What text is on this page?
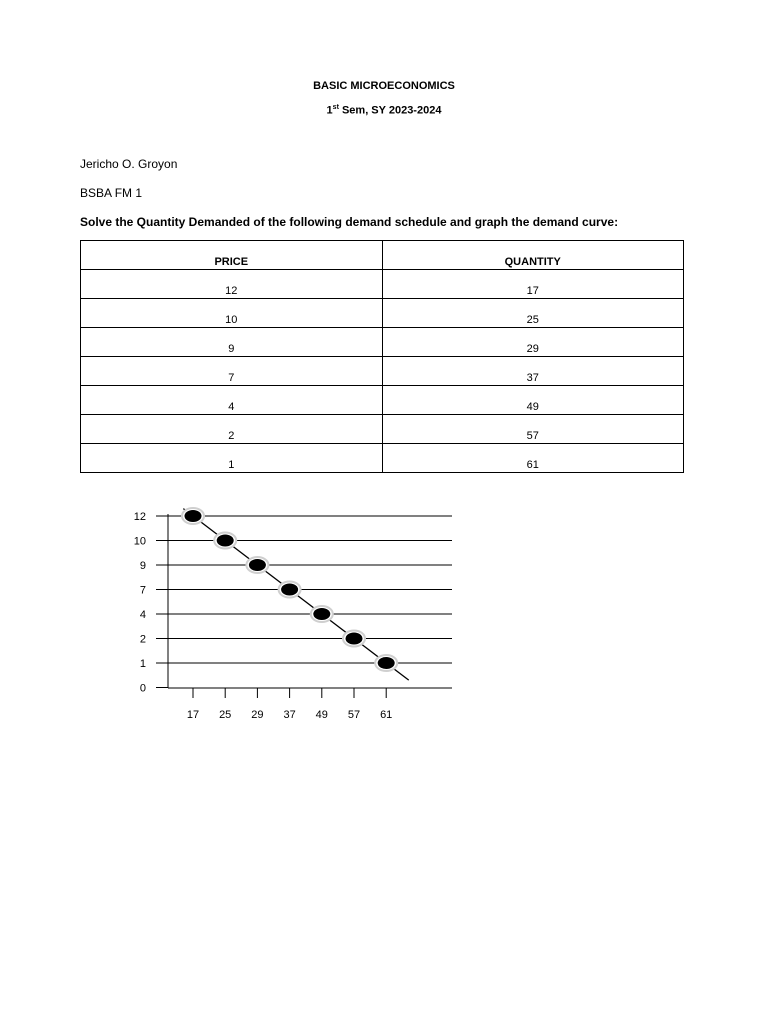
BASIC MICROECONOMICS
1st Sem, SY 2023-2024
Jericho O. Groyon
BSBA FM 1
Solve the Quantity Demanded of the following demand schedule and graph the demand curve:
PRICE	QUANTITY
12	17
10	25
9	29
7	37
4	49
2	57
1	61
12
10
9
7
4
2
1
0
17 25 29 37 49 57 61
